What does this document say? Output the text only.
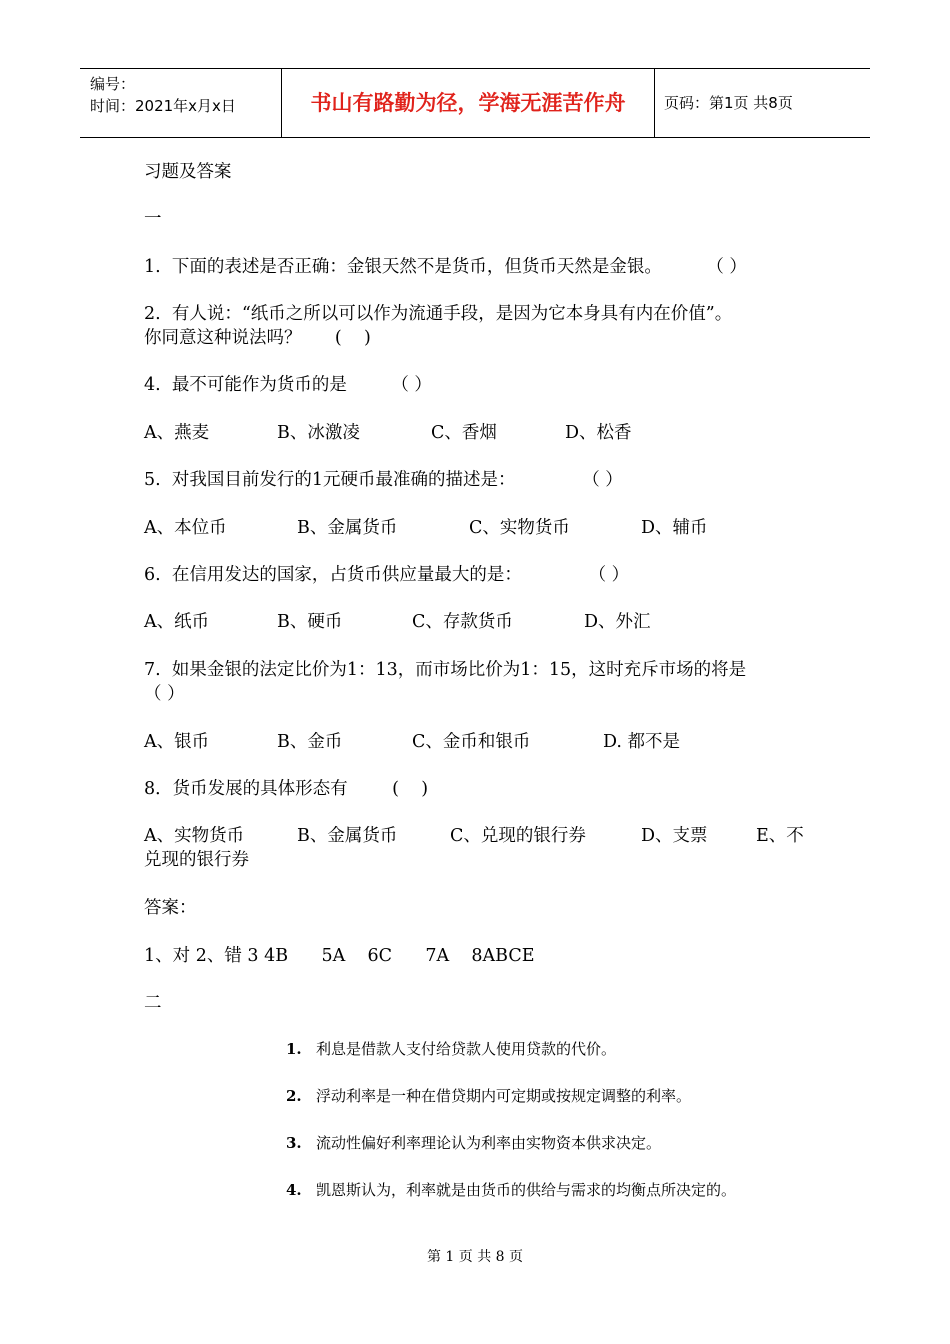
编号：
时间：2021年x月x日	书山有路勤为径，学海无涯苦作舟	页码：第1页 共8页
习题及答案
一
1.  下面的表述是否正确：金银天然不是货币，但货币天然是金银。        （ ）
2.  有人说：“纸币之所以可以作为流通手段，是因为它本身具有内在价值”。
你同意这种说法吗？      (    )
4.  最不可能作为货币的是        （ ）
A、燕麦	B、冰激凌	C、香烟	D、松香
5.  对我国目前发行的1元硬币最准确的描述是：            （ ）
A、本位币	B、金属货币	C、实物货币	D、辅币
6.  在信用发达的国家，占货币供应量最大的是：            （ ）
A、纸币	B、硬币	C、存款货币	D、外汇
7.  如果金银的法定比价为1：13，而市场比价为1：15，这时充斥市场的将是
（ ）
A、银币	B、金币	C、金币和银币	D. 都不是
8．货币发展的具体形态有        (    )
A、实物货币	B、金属货币	C、兑现的银行券	D、支票	E、不
兑现的银行券
答案：
1、对 2、错 3 4B      5A    6C      7A    8ABCE
二
1. 利息是借款人支付给贷款人使用贷款的代价。
2. 浮动利率是一种在借贷期内可定期或按规定调整的利率。
3. 流动性偏好利率理论认为利率由实物资本供求决定。
4. 凯恩斯认为，利率就是由货币的供给与需求的均衡点所决定的。
第 1 页 共 8 页
